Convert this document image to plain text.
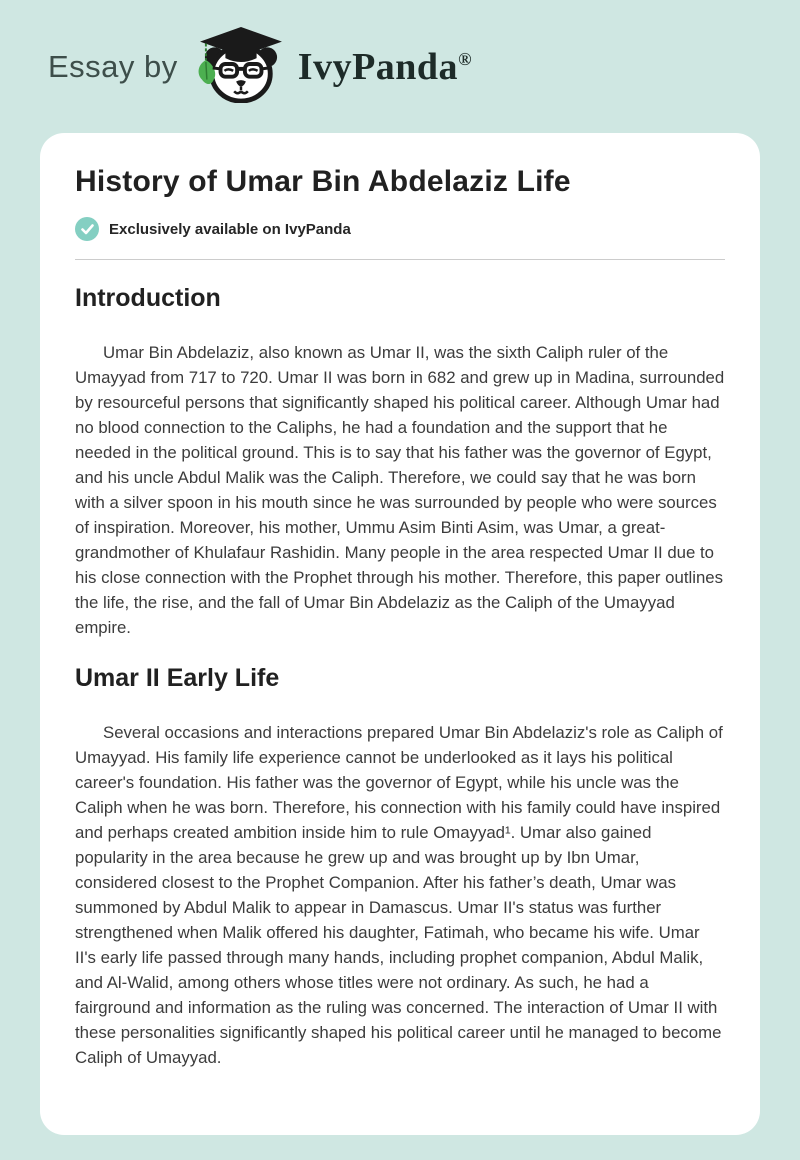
Essay by	IvyPanda®
History of Umar Bin Abdelaziz Life
Exclusively available on IvyPanda
Introduction

Umar Bin Abdelaziz, also known as Umar II, was the sixth Caliph ruler of the Umayyad from 717 to 720. Umar II was born in 682 and grew up in Madina, surrounded by resourceful persons that significantly shaped his political career. Although Umar had no blood connection to the Caliphs, he had a foundation and the support that he needed in the political ground. This is to say that his father was the governor of Egypt, and his uncle Abdul Malik was the Caliph. Therefore, we could say that he was born with a silver spoon in his mouth since he was surrounded by people who were sources of inspiration. Moreover, his mother, Ummu Asim Binti Asim, was Umar, a great-grandmother of Khulafaur Rashidin. Many people in the area respected Umar II due to his close connection with the Prophet through his mother. Therefore, this paper outlines the life, the rise, and the fall of Umar Bin Abdelaziz as the Caliph of the Umayyad empire.

Umar II Early Life

Several occasions and interactions prepared Umar Bin Abdelaziz's role as Caliph of Umayyad. His family life experience cannot be underlooked as it lays his political career's foundation. His father was the governor of Egypt, while his uncle was the Caliph when he was born. Therefore, his connection with his family could have inspired and perhaps created ambition inside him to rule Omayyad¹. Umar also gained popularity in the area because he grew up and was brought up by Ibn Umar, considered closest to the Prophet Companion. After his father’s death, Umar was summoned by Abdul Malik to appear in Damascus. Umar II's status was further strengthened when Malik offered his daughter, Fatimah, who became his wife. Umar II's early life passed through many hands, including prophet companion, Abdul Malik, and Al-Walid, among others whose titles were not ordinary. As such, he had a fairground and information as the ruling was concerned. The interaction of Umar II with these personalities significantly shaped his political career until he managed to become Caliph of Umayyad.
